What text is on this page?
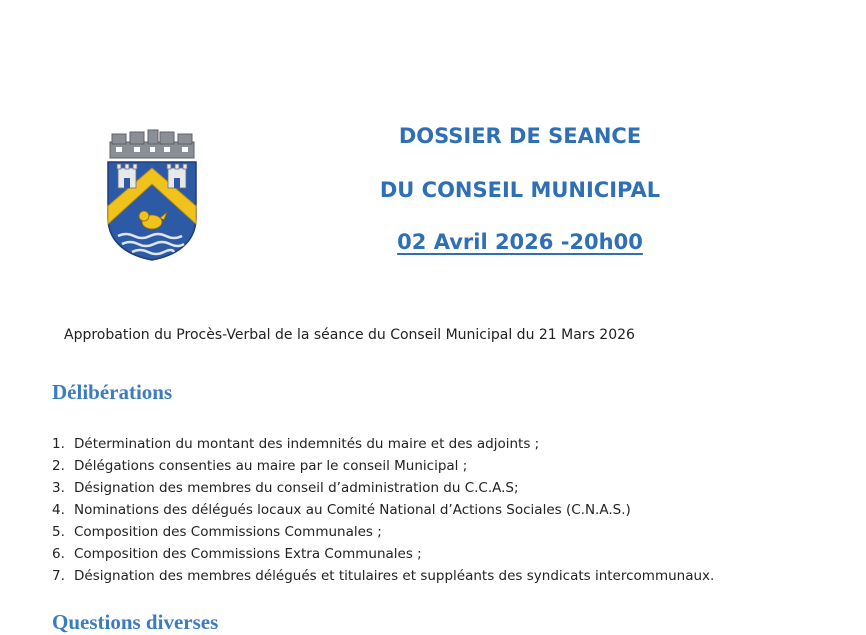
DOSSIER DE SEANCE

DU CONSEIL MUNICIPAL

02 Avril 2026 -20h00

Approbation du Procès-Verbal de la séance du Conseil Municipal du 21 Mars 2026
Délibérations
1. Détermination du montant des indemnités du maire et des adjoints ;
2. Délégations consenties au maire par le conseil Municipal ;
3. Désignation des membres du conseil d’administration du C.C.A.S;
4. Nominations des délégués locaux au Comité National d’Actions Sociales (C.N.A.S.)
5. Composition des Commissions Communales ;
6. Composition des Commissions Extra Communales ;
7. Désignation des membres délégués et titulaires et suppléants des syndicats intercommunaux.
Questions diverses
